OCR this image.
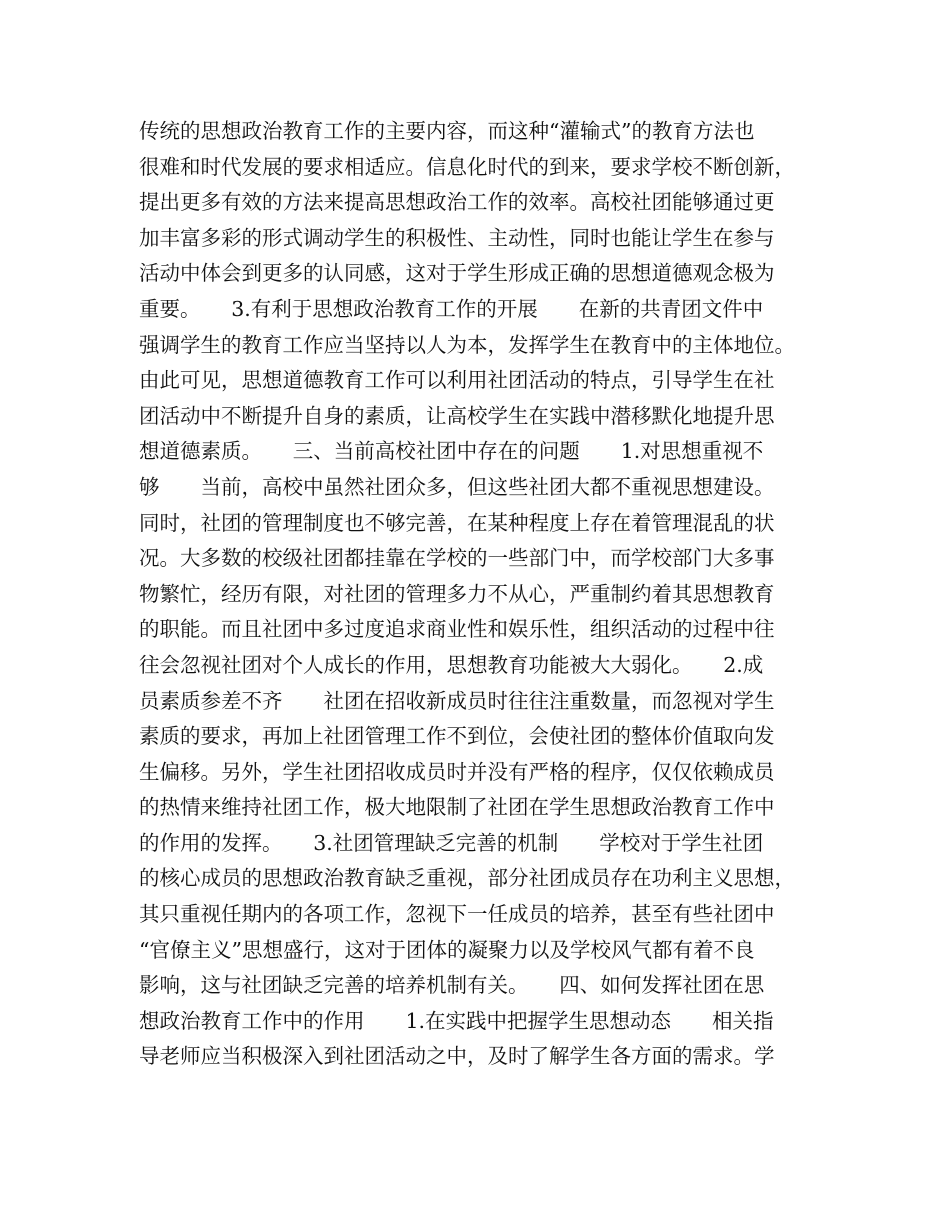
传统的思想政治教育工作的主要内容，而这种“灌输式”的教育方法也
很难和时代发展的要求相适应。信息化时代的到来，要求学校不断创新，
提出更多有效的方法来提高思想政治工作的效率。高校社团能够通过更
加丰富多彩的形式调动学生的积极性、主动性，同时也能让学生在参与
活动中体会到更多的认同感，这对于学生形成正确的思想道德观念极为
重要。　　3.有利于思想政治教育工作的开展　　在新的共青团文件中
强调学生的教育工作应当坚持以人为本，发挥学生在教育中的主体地位。
由此可见，思想道德教育工作可以利用社团活动的特点，引导学生在社
团活动中不断提升自身的素质，让高校学生在实践中潜移默化地提升思
想道德素质。　　三、当前高校社团中存在的问题　　1.对思想重视不
够　　当前，高校中虽然社团众多，但这些社团大都不重视思想建设。
同时，社团的管理制度也不够完善，在某种程度上存在着管理混乱的状
况。大多数的校级社团都挂靠在学校的一些部门中，而学校部门大多事
物繁忙，经历有限，对社团的管理多力不从心，严重制约着其思想教育
的职能。而且社团中多过度追求商业性和娱乐性，组织活动的过程中往
往会忽视社团对个人成长的作用，思想教育功能被大大弱化。　　2.成
员素质参差不齐　　社团在招收新成员时往往注重数量，而忽视对学生
素质的要求，再加上社团管理工作不到位，会使社团的整体价值取向发
生偏移。另外，学生社团招收成员时并没有严格的程序，仅仅依赖成员
的热情来维持社团工作，极大地限制了社团在学生思想政治教育工作中
的作用的发挥。　　3.社团管理缺乏完善的机制　　学校对于学生社团
的核心成员的思想政治教育缺乏重视，部分社团成员存在功利主义思想，
其只重视任期内的各项工作，忽视下一任成员的培养，甚至有些社团中
“官僚主义”思想盛行，这对于团体的凝聚力以及学校风气都有着不良
影响，这与社团缺乏完善的培养机制有关。　　四、如何发挥社团在思
想政治教育工作中的作用　　1.在实践中把握学生思想动态　　相关指
导老师应当积极深入到社团活动之中，及时了解学生各方面的需求。学
